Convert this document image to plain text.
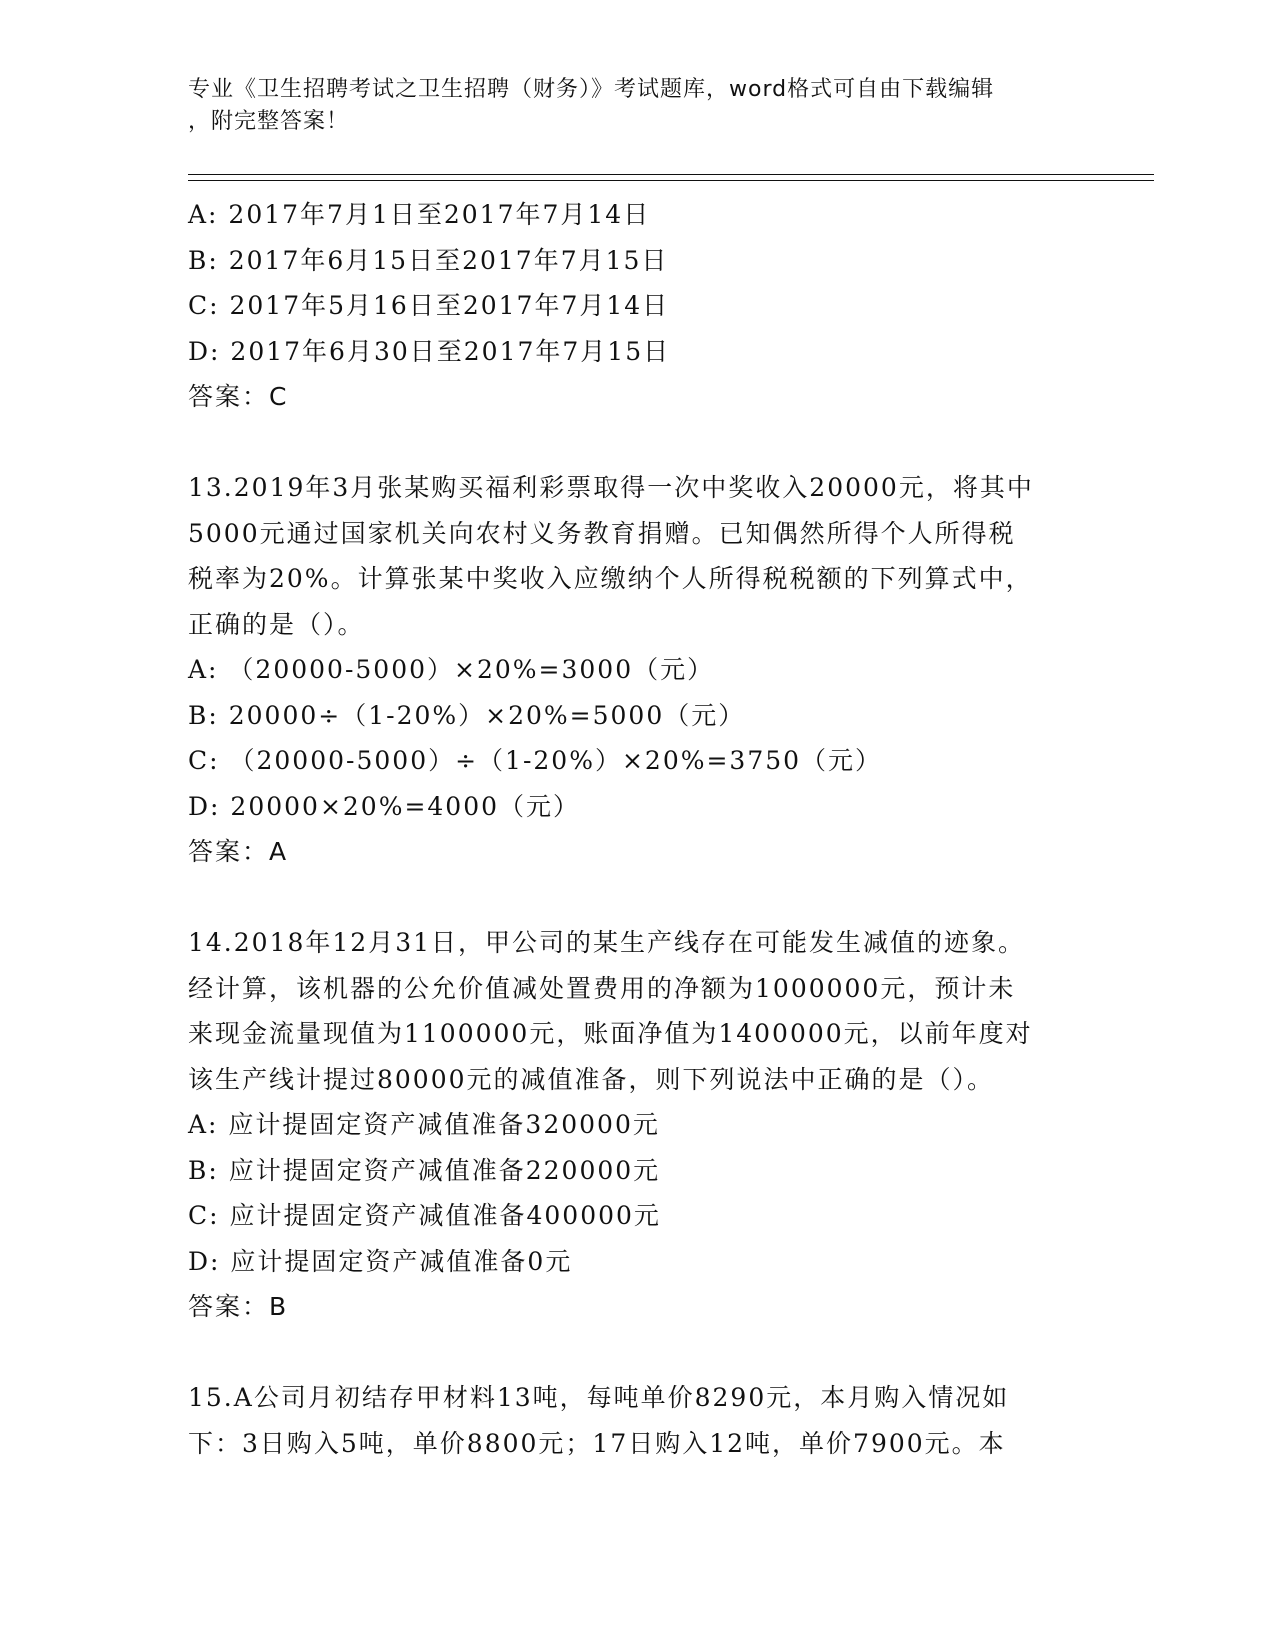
专业《卫生招聘考试之卫生招聘（财务）》考试题库，word格式可自由下载编辑
，附完整答案！
A: 2017年7月1日至2017年7月14日
B: 2017年6月15日至2017年7月15日
C: 2017年5月16日至2017年7月14日
D: 2017年6月30日至2017年7月15日
答案：C
13.2019年3月张某购买福利彩票取得一次中奖收入20000元，将其中
5000元通过国家机关向农村义务教育捐赠。已知偶然所得个人所得税
税率为20%。计算张某中奖收入应缴纳个人所得税税额的下列算式中，
正确的是（）。
A: （20000-5000）×20%=3000（元）
B: 20000÷（1-20%）×20%=5000（元）
C: （20000-5000）÷（1-20%）×20%=3750（元）
D: 20000×20%=4000（元）
答案：A
14.2018年12月31日，甲公司的某生产线存在可能发生减值的迹象。
经计算，该机器的公允价值减处置费用的净额为1000000元，预计未
来现金流量现值为1100000元，账面净值为1400000元，以前年度对
该生产线计提过80000元的减值准备，则下列说法中正确的是（）。
A: 应计提固定资产减值准备320000元
B: 应计提固定资产减值准备220000元
C: 应计提固定资产减值准备400000元
D: 应计提固定资产减值准备0元
答案：B
15.A公司月初结存甲材料13吨，每吨单价8290元，本月购入情况如
下：3日购入5吨，单价8800元；17日购入12吨，单价7900元。本
